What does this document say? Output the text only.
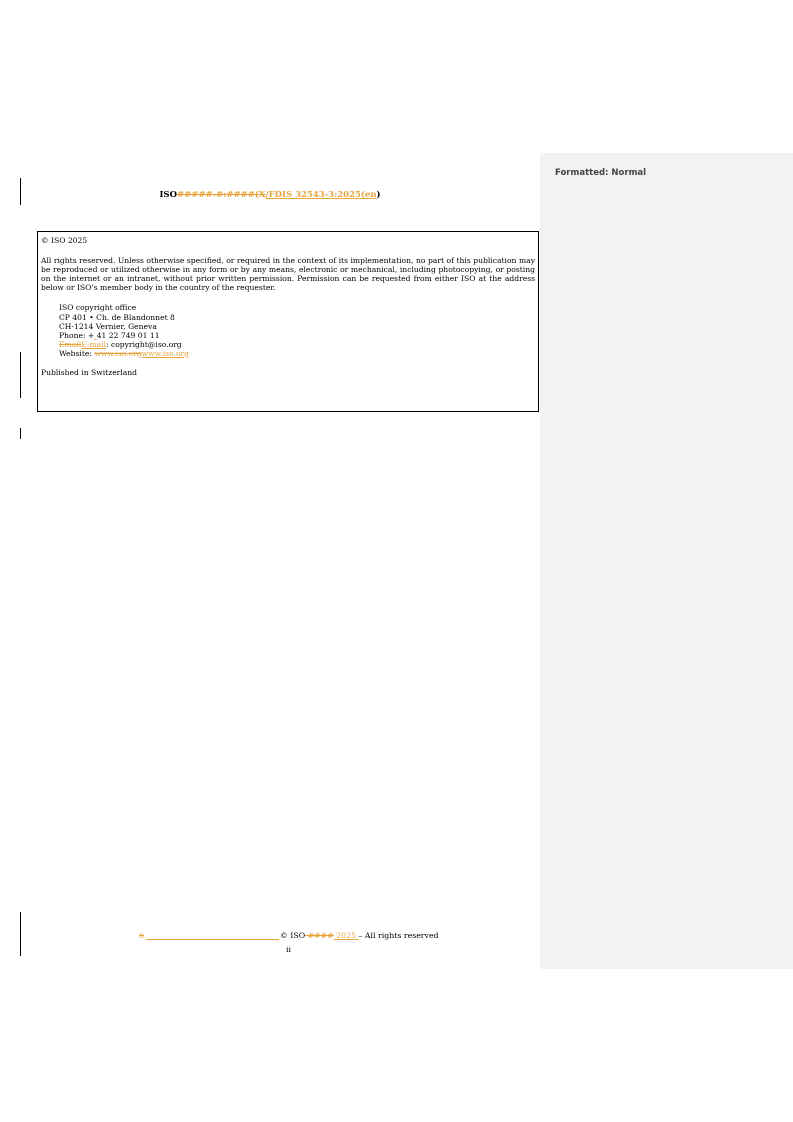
Formatted: Normal
ISO#####-#:####(X/FDIS 32543-3:2025(en)
© ISO 2025
All rights reserved. Unless otherwise specified, or required in the context of its implementation, no part of this publication may be reproduced or utilized otherwise in any form or by any means, electronic or mechanical, including photocopying, or posting on the internet or an intranet, without prior written permission. Permission can be requested from either ISO at the address below or ISO’s member body in the country of the requester.
ISO copyright office
CP 401 • Ch. de Blandonnet 8
CH-1214 Vernier, Geneva
Phone: + 41 22 749 01 11
EmailE-mail: copyright@iso.org
Website: www.iso.orgwww.iso.org
Published in Switzerland
ii	© ISO #### 2025 – All rights reserved
ii
